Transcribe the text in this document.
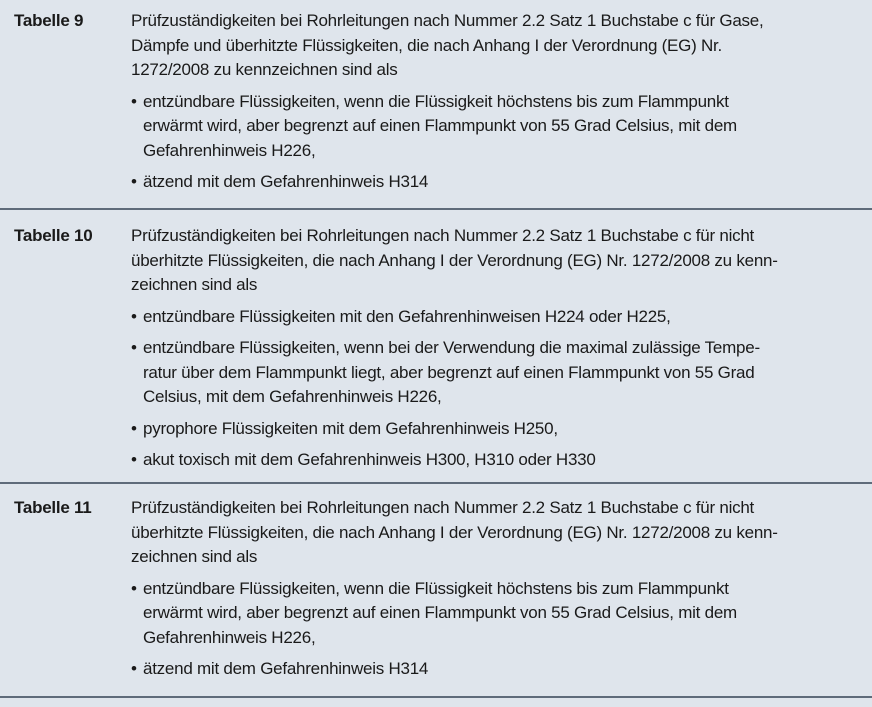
Tabelle 9	Prüfzuständigkeiten bei Rohrleitungen nach Nummer 2.2 Satz 1 Buchstabe c für Gase,
Dämpfe und überhitzte Flüssigkeiten, die nach Anhang I der Verordnung (EG) Nr.
1272/2008 zu kennzeichnen sind als
• entzündbare Flüssigkeiten, wenn die Flüssigkeit höchstens bis zum Flammpunkt
erwärmt wird, aber begrenzt auf einen Flammpunkt von 55 Grad Celsius, mit dem
Gefahrenhinweis H226,
• ätzend mit dem Gefahrenhinweis H314
Tabelle 10 Prüfzuständigkeiten bei Rohrleitungen nach Nummer 2.2 Satz 1 Buchstabe c für nicht
überhitzte Flüssigkeiten, die nach Anhang I der Verordnung (EG) Nr. 1272/2008 zu kenn-
zeichnen sind als
• entzündbare Flüssigkeiten mit den Gefahrenhinweisen H224 oder H225,
• entzündbare Flüssigkeiten, wenn bei der Verwendung die maximal zulässige Tempe-
ratur über dem Flammpunkt liegt, aber begrenzt auf einen Flammpunkt von 55 Grad
Celsius, mit dem Gefahrenhinweis H226,
• pyrophore Flüssigkeiten mit dem Gefahrenhinweis H250,
• akut toxisch mit dem Gefahrenhinweis H300, H310 oder H330
Tabelle 11 Prüfzuständigkeiten bei Rohrleitungen nach Nummer 2.2 Satz 1 Buchstabe c für nicht
überhitzte Flüssigkeiten, die nach Anhang I der Verordnung (EG) Nr. 1272/2008 zu kenn-
zeichnen sind als
• entzündbare Flüssigkeiten, wenn die Flüssigkeit höchstens bis zum Flammpunkt
erwärmt wird, aber begrenzt auf einen Flammpunkt von 55 Grad Celsius, mit dem
Gefahrenhinweis H226,
• ätzend mit dem Gefahrenhinweis H314
